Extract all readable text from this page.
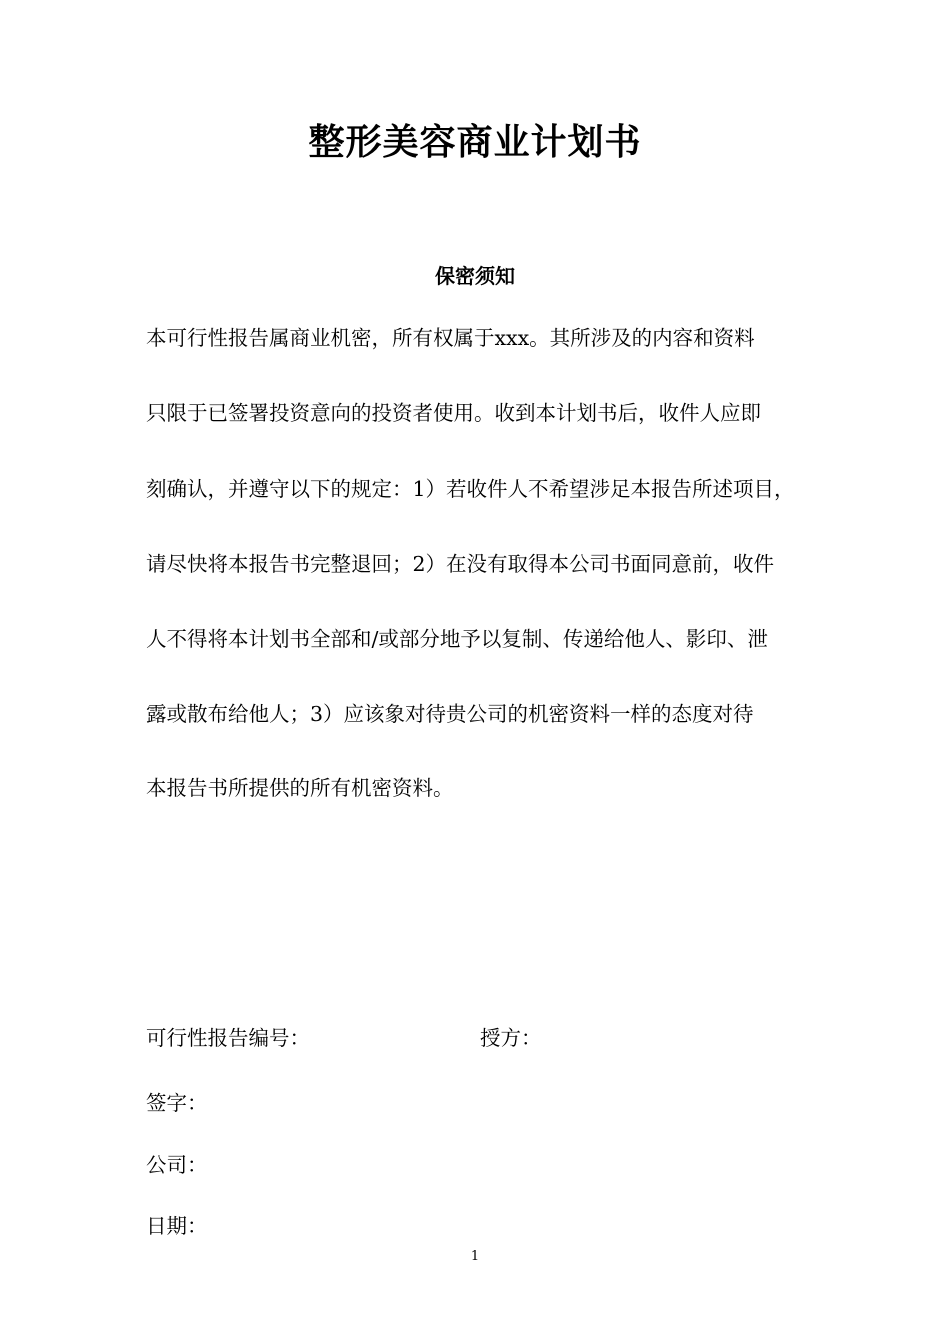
整形美容商业计划书
保密须知
本可行性报告属商业机密，所有权属于xxx。其所涉及的内容和资料
只限于已签署投资意向的投资者使用。收到本计划书后，收件人应即
刻确认，并遵守以下的规定：1）若收件人不希望涉足本报告所述项目，
请尽快将本报告书完整退回；2）在没有取得本公司书面同意前，收件
人不得将本计划书全部和/或部分地予以复制、传递给他人、影印、泄
露或散布给他人；3）应该象对待贵公司的机密资料一样的态度对待
本报告书所提供的所有机密资料。
可行性报告编号：	授方：
签字：
公司：
日期：
1
